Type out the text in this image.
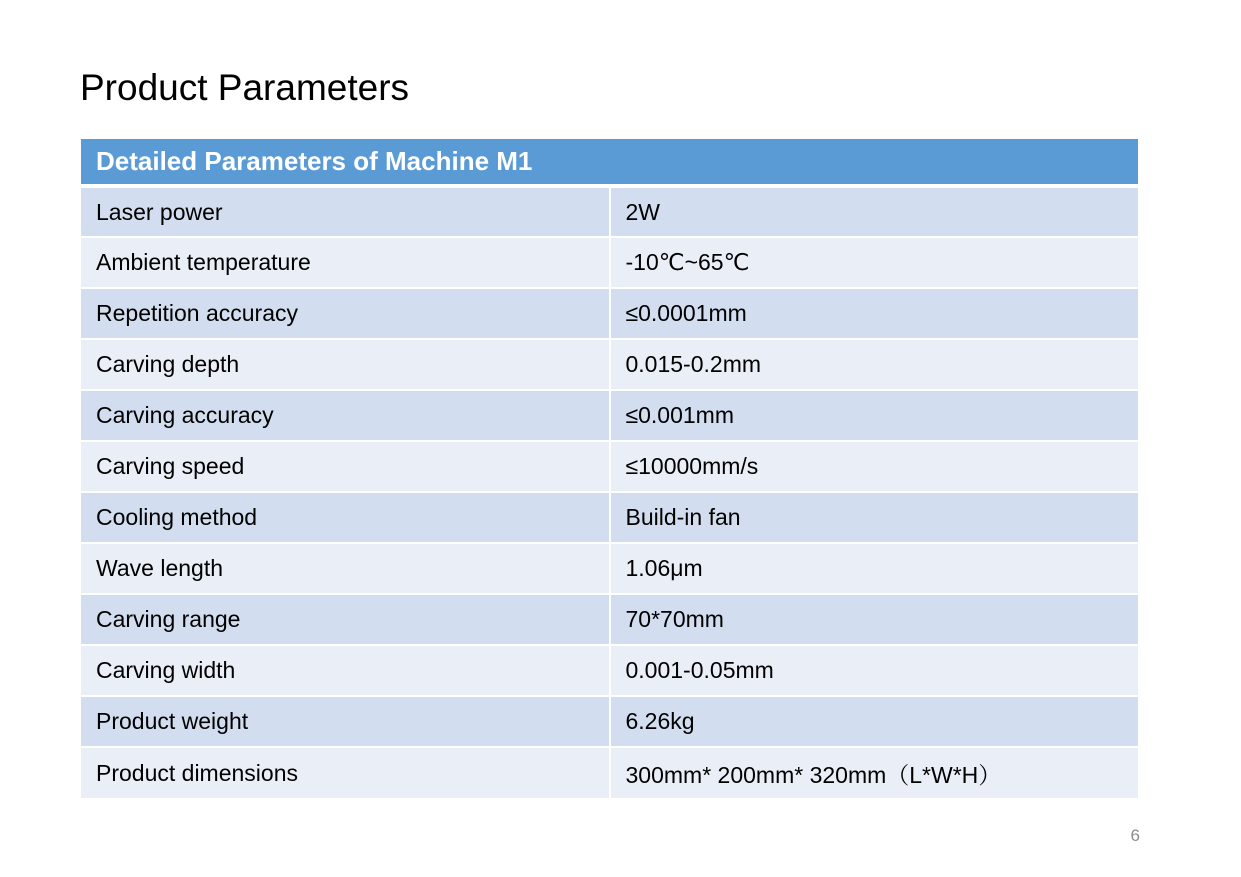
Product Parameters
Detailed Parameters of Machine M1	
Laser power	2W
Ambient temperature	-10℃~65℃
Repetition accuracy	≤0.0001mm
Carving depth	0.015-0.2mm
Carving accuracy	≤0.001mm
Carving speed	≤10000mm/s
Cooling method	Build-in fan
Wave length	1.06μm
Carving range	70*70mm
Carving width	0.001-0.05mm
Product weight	6.26kg
Product dimensions	300mm* 200mm* 320mm（L*W*H）
6
